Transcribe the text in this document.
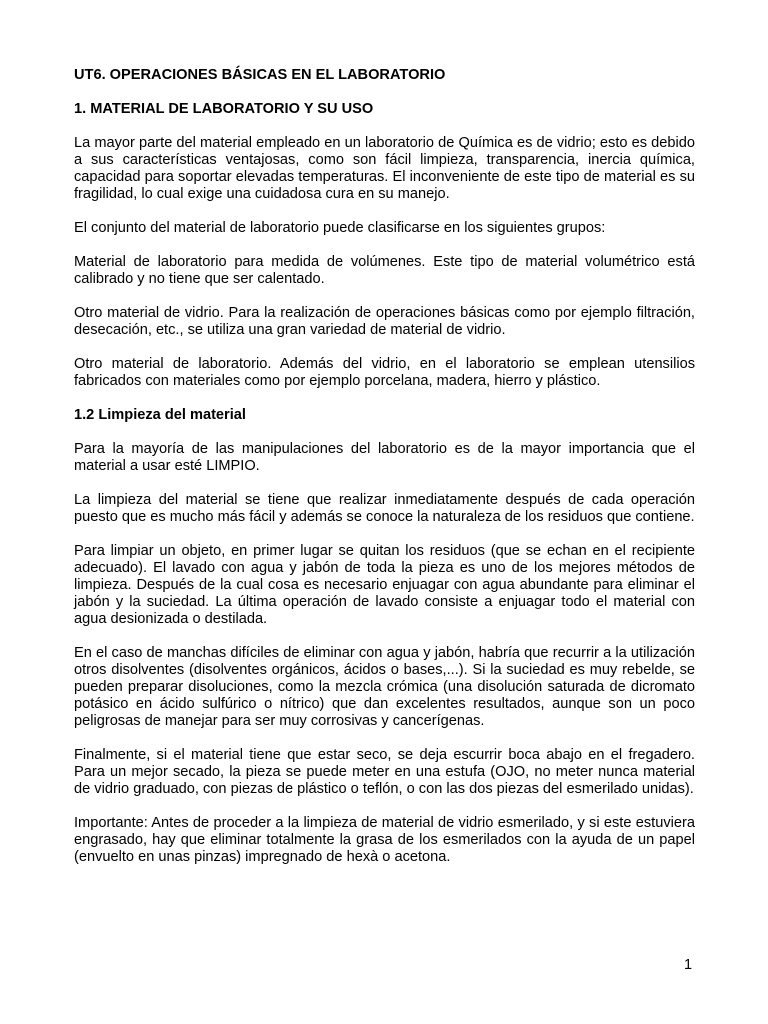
UT6. OPERACIONES BÁSICAS EN EL LABORATORIO
1. MATERIAL DE LABORATORIO Y SU USO

La mayor parte del material empleado en un laboratorio de Química es de vidrio; esto es debido a sus características ventajosas, como son fácil limpieza, transparencia, inercia química, capacidad para soportar elevadas temperaturas. El inconveniente de este tipo de material es su fragilidad, lo cual exige una cuidadosa cura en su manejo.

El conjunto del material de laboratorio puede clasificarse en los siguientes grupos:

Material de laboratorio para medida de volúmenes. Este tipo de material volumétrico está calibrado y no tiene que ser calentado.

Otro material de vidrio. Para la realización de operaciones básicas como por ejemplo filtración, desecación, etc., se utiliza una gran variedad de material de vidrio.

Otro material de laboratorio. Además del vidrio, en el laboratorio se emplean utensilios fabricados con materiales como por ejemplo porcelana, madera, hierro y plástico.

1.2 Limpieza del material

Para la mayoría de las manipulaciones del laboratorio es de la mayor importancia que el material a usar esté LIMPIO.

La limpieza del material se tiene que realizar inmediatamente después de cada operación puesto que es mucho más fácil y además se conoce la naturaleza de los residuos que contiene.

Para limpiar un objeto, en primer lugar se quitan los residuos (que se echan en el recipiente adecuado). El lavado con agua y jabón de toda la pieza es uno de los mejores métodos de limpieza. Después de la cual cosa es necesario enjuagar con agua abundante para eliminar el jabón y la suciedad. La última operación de lavado consiste a enjuagar todo el material con agua desionizada o destilada.

En el caso de manchas difíciles de eliminar con agua y jabón, habría que recurrir a la utilización otros disolventes (disolventes orgánicos, ácidos o bases,...). Si la suciedad es muy rebelde, se pueden preparar disoluciones, como la mezcla crómica (una disolución saturada de dicromato potásico en ácido sulfúrico o nítrico) que dan excelentes resultados, aunque son un poco peligrosas de manejar para ser muy corrosivas y cancerígenas.

Finalmente, si el material tiene que estar seco, se deja escurrir boca abajo en el fregadero. Para un mejor secado, la pieza se puede meter en una estufa (OJO, no meter nunca material de vidrio graduado, con piezas de plástico o teflón, o con las dos piezas del esmerilado unidas).

Importante: Antes de proceder a la limpieza de material de vidrio esmerilado, y si este estuviera engrasado, hay que eliminar totalmente la grasa de los esmerilados con la ayuda de un papel (envuelto en unas pinzas) impregnado de hexà o acetona.

1
